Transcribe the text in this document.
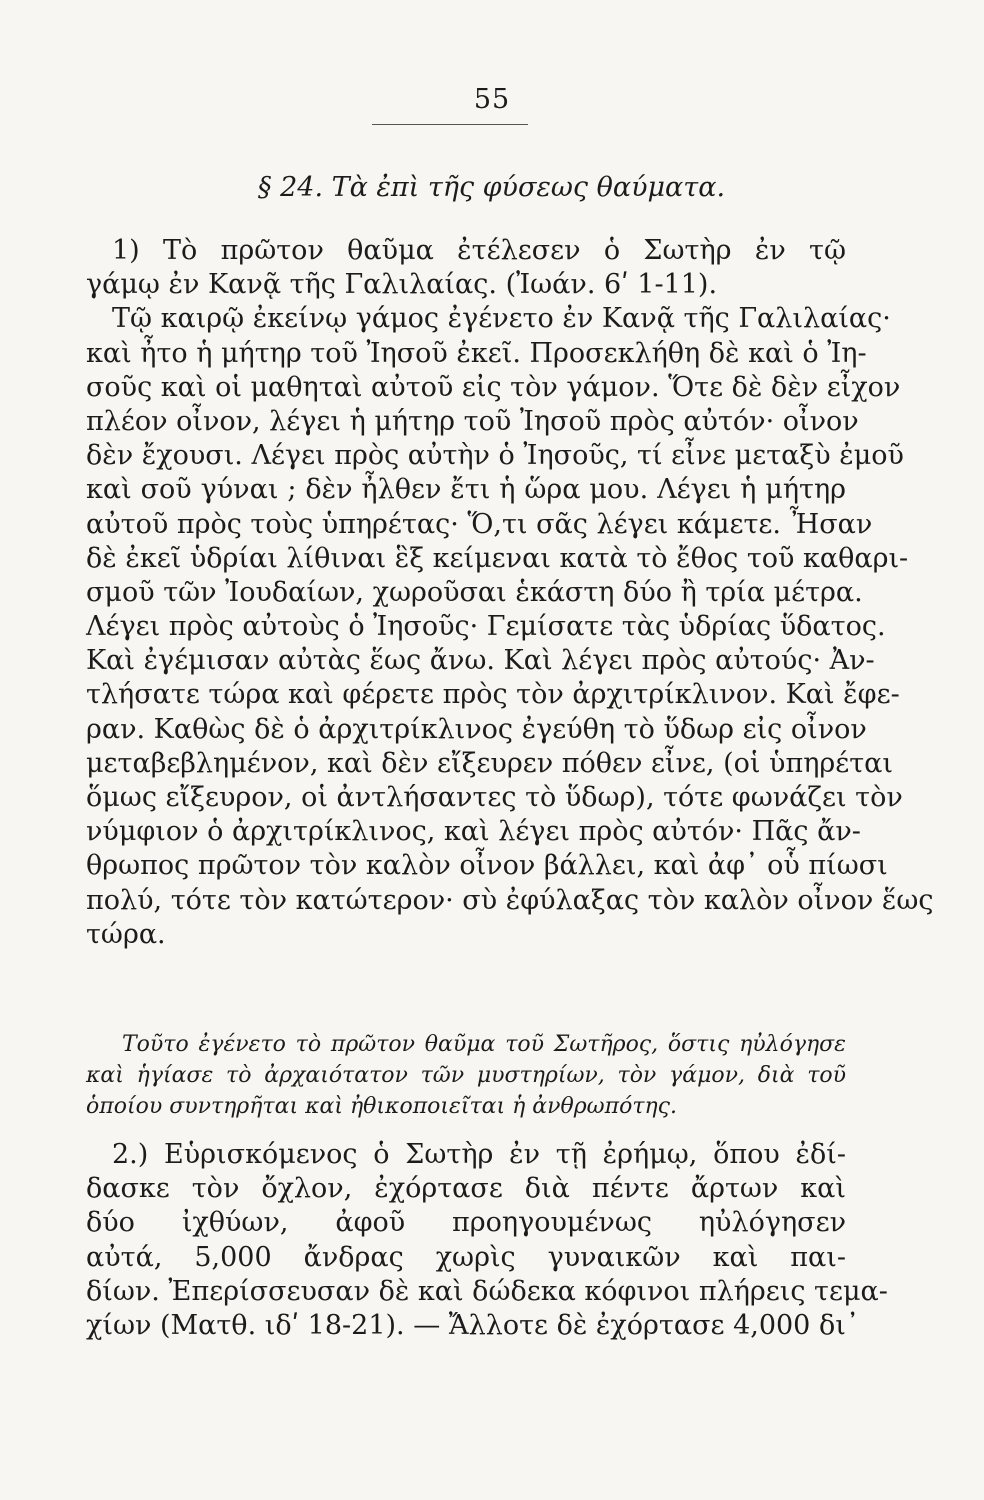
55
§ 24. Τὰ ἐπὶ τῆς φύσεως θαύματα.
1) Τὸ πρῶτον θαῦμα ἐτέλεσεν ὁ Σωτὴρ ἐν τῷ
γάμῳ ἐν Κανᾷ τῆς Γαλιλαίας. (Ἰωάν. 6ʹ 1-11).
Τῷ καιρῷ ἐκείνῳ γάμος ἐγένετο ἐν Κανᾷ τῆς Γαλιλαίας·
καὶ ἦτο ἡ μήτηρ τοῦ Ἰησοῦ ἐκεῖ. Προσεκλήθη δὲ καὶ ὁ Ἰη-
σοῦς καὶ οἱ μαθηταὶ αὐτοῦ εἰς τὸν γάμον. Ὅτε δὲ δὲν εἶχον
πλέον οἶνον, λέγει ἡ μήτηρ τοῦ Ἰησοῦ πρὸς αὐτόν· οἶνον
δὲν ἔχουσι. Λέγει πρὸς αὐτὴν ὁ Ἰησοῦς, τί εἶνε μεταξὺ ἐμοῦ
καὶ σοῦ γύναι ; δὲν ἦλθεν ἔτι ἡ ὥρα μου. Λέγει ἡ μήτηρ
αὐτοῦ πρὸς τοὺς ὑπηρέτας· Ὅ,τι σᾶς λέγει κάμετε. Ἦσαν
δὲ ἐκεῖ ὑδρίαι λίθιναι ἓξ κείμεναι κατὰ τὸ ἔθος τοῦ καθαρι-
σμοῦ τῶν Ἰουδαίων, χωροῦσαι ἑκάστη δύο ἢ τρία μέτρα.
Λέγει πρὸς αὐτοὺς ὁ Ἰησοῦς· Γεμίσατε τὰς ὑδρίας ὕδατος.
Καὶ ἐγέμισαν αὐτὰς ἕως ἄνω. Καὶ λέγει πρὸς αὐτούς· Ἀν-
τλήσατε τώρα καὶ φέρετε πρὸς τὸν ἀρχιτρίκλινον. Καὶ ἔφε-
ραν. Καθὼς δὲ ὁ ἀρχιτρίκλινος ἐγεύθη τὸ ὕδωρ εἰς οἶνον
μεταβεβλημένον, καὶ δὲν εἴξευρεν πόθεν εἶνε, (οἱ ὑπηρέται
ὅμως εἴξευρον, οἱ ἀντλήσαντες τὸ ὕδωρ), τότε φωνάζει τὸν
νύμφιον ὁ ἀρχιτρίκλινος, καὶ λέγει πρὸς αὐτόν· Πᾶς ἄν-
θρωπος πρῶτον τὸν καλὸν οἶνον βάλλει, καὶ ἀφ᾽ οὗ πίωσι
πολύ, τότε τὸν κατώτερον· σὺ ἐφύλαξας τὸν καλὸν οἶνον ἕως
τώρα.
Τοῦτο ἐγένετο τὸ πρῶτον θαῦμα τοῦ Σωτῆρος, ὅστις ηὐλόγησε
καὶ ἡγίασε τὸ ἀρχαιότατον τῶν μυστηρίων, τὸν γάμον, διὰ τοῦ
ὁποίου συντηρῆται καὶ ἠθικοποιεῖται ἡ ἀνθρωπότης.
2.) Εὑρισκόμενος ὁ Σωτὴρ ἐν τῇ ἐρήμῳ, ὅπου ἐδί-
δασκε τὸν ὄχλον, ἐχόρτασε διὰ πέντε ἄρτων καὶ
δύο ἰχθύων, ἀφοῦ προηγουμένως ηὐλόγησεν
αὐτά, 5,000 ἄνδρας χωρὶς γυναικῶν καὶ παι-
δίων. Ἐπερίσσευσαν δὲ καὶ δώδεκα κόφινοι πλήρεις τεμα-
χίων (Ματθ. ιδʹ 18-21). — Ἄλλοτε δὲ ἐχόρτασε 4,000 δι᾽
